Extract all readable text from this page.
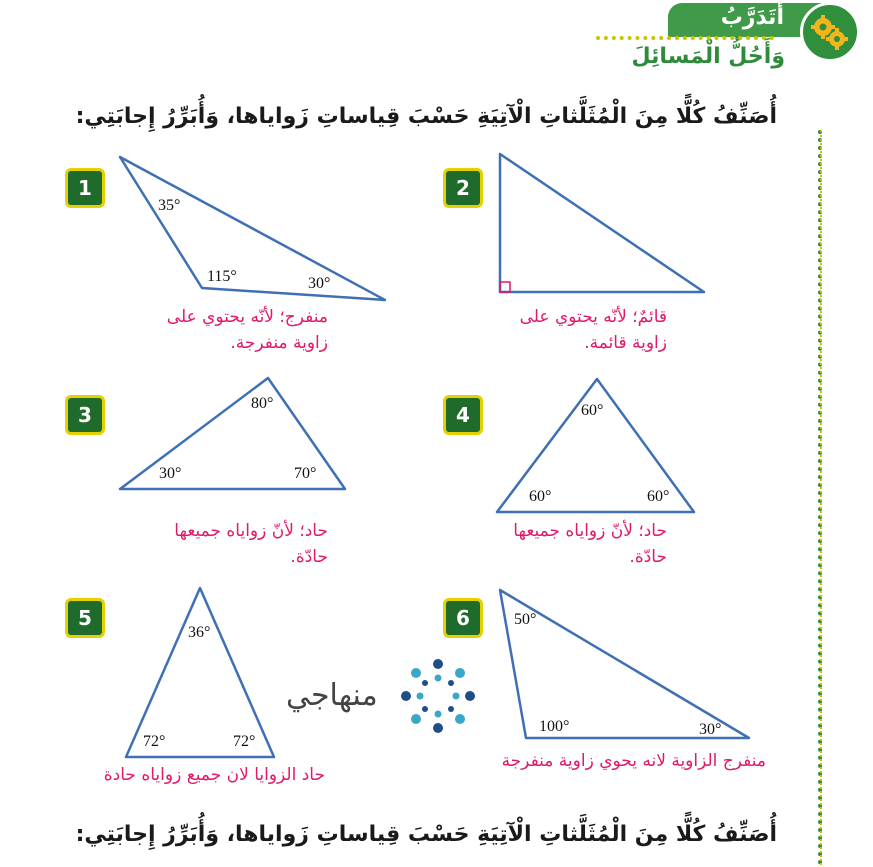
أَتَدَرَّبُ
وَأَحُلُّ الْمَسائِلَ
أُصَنِّفُ كُلًّا مِنَ الْمُثَلَّثاتِ الْآتِيَةِ حَسْبَ قِياساتِ زَواياها، وَأُبَرِّرُ إِجابَتِي:
1
35°
115°	30°
منفرج؛ لأنّه يحتوي على
زاوية منفرجة.
2
قائمٌ؛ لأنّه يحتوي على
زاوية قائمة.
3	80°
30°	70°
حاد؛ لأنّ زواياه جميعها
حادّة.
4	60°
60°	60°
حاد؛ لأنّ زواياه جميعها
حادّة.
5
36°
72°	72°
حاد الزوايا لان جميع زواياه حادة
6	50°
100°	30°
منفرج الزاوية لانه يحوي زاوية منفرجة
منهاجي
أُصَنِّفُ كُلًّا مِنَ الْمُثَلَّثاتِ الْآتِيَةِ حَسْبَ قِياساتِ زَواياها، وَأُبَرِّرُ إِجابَتِي:
